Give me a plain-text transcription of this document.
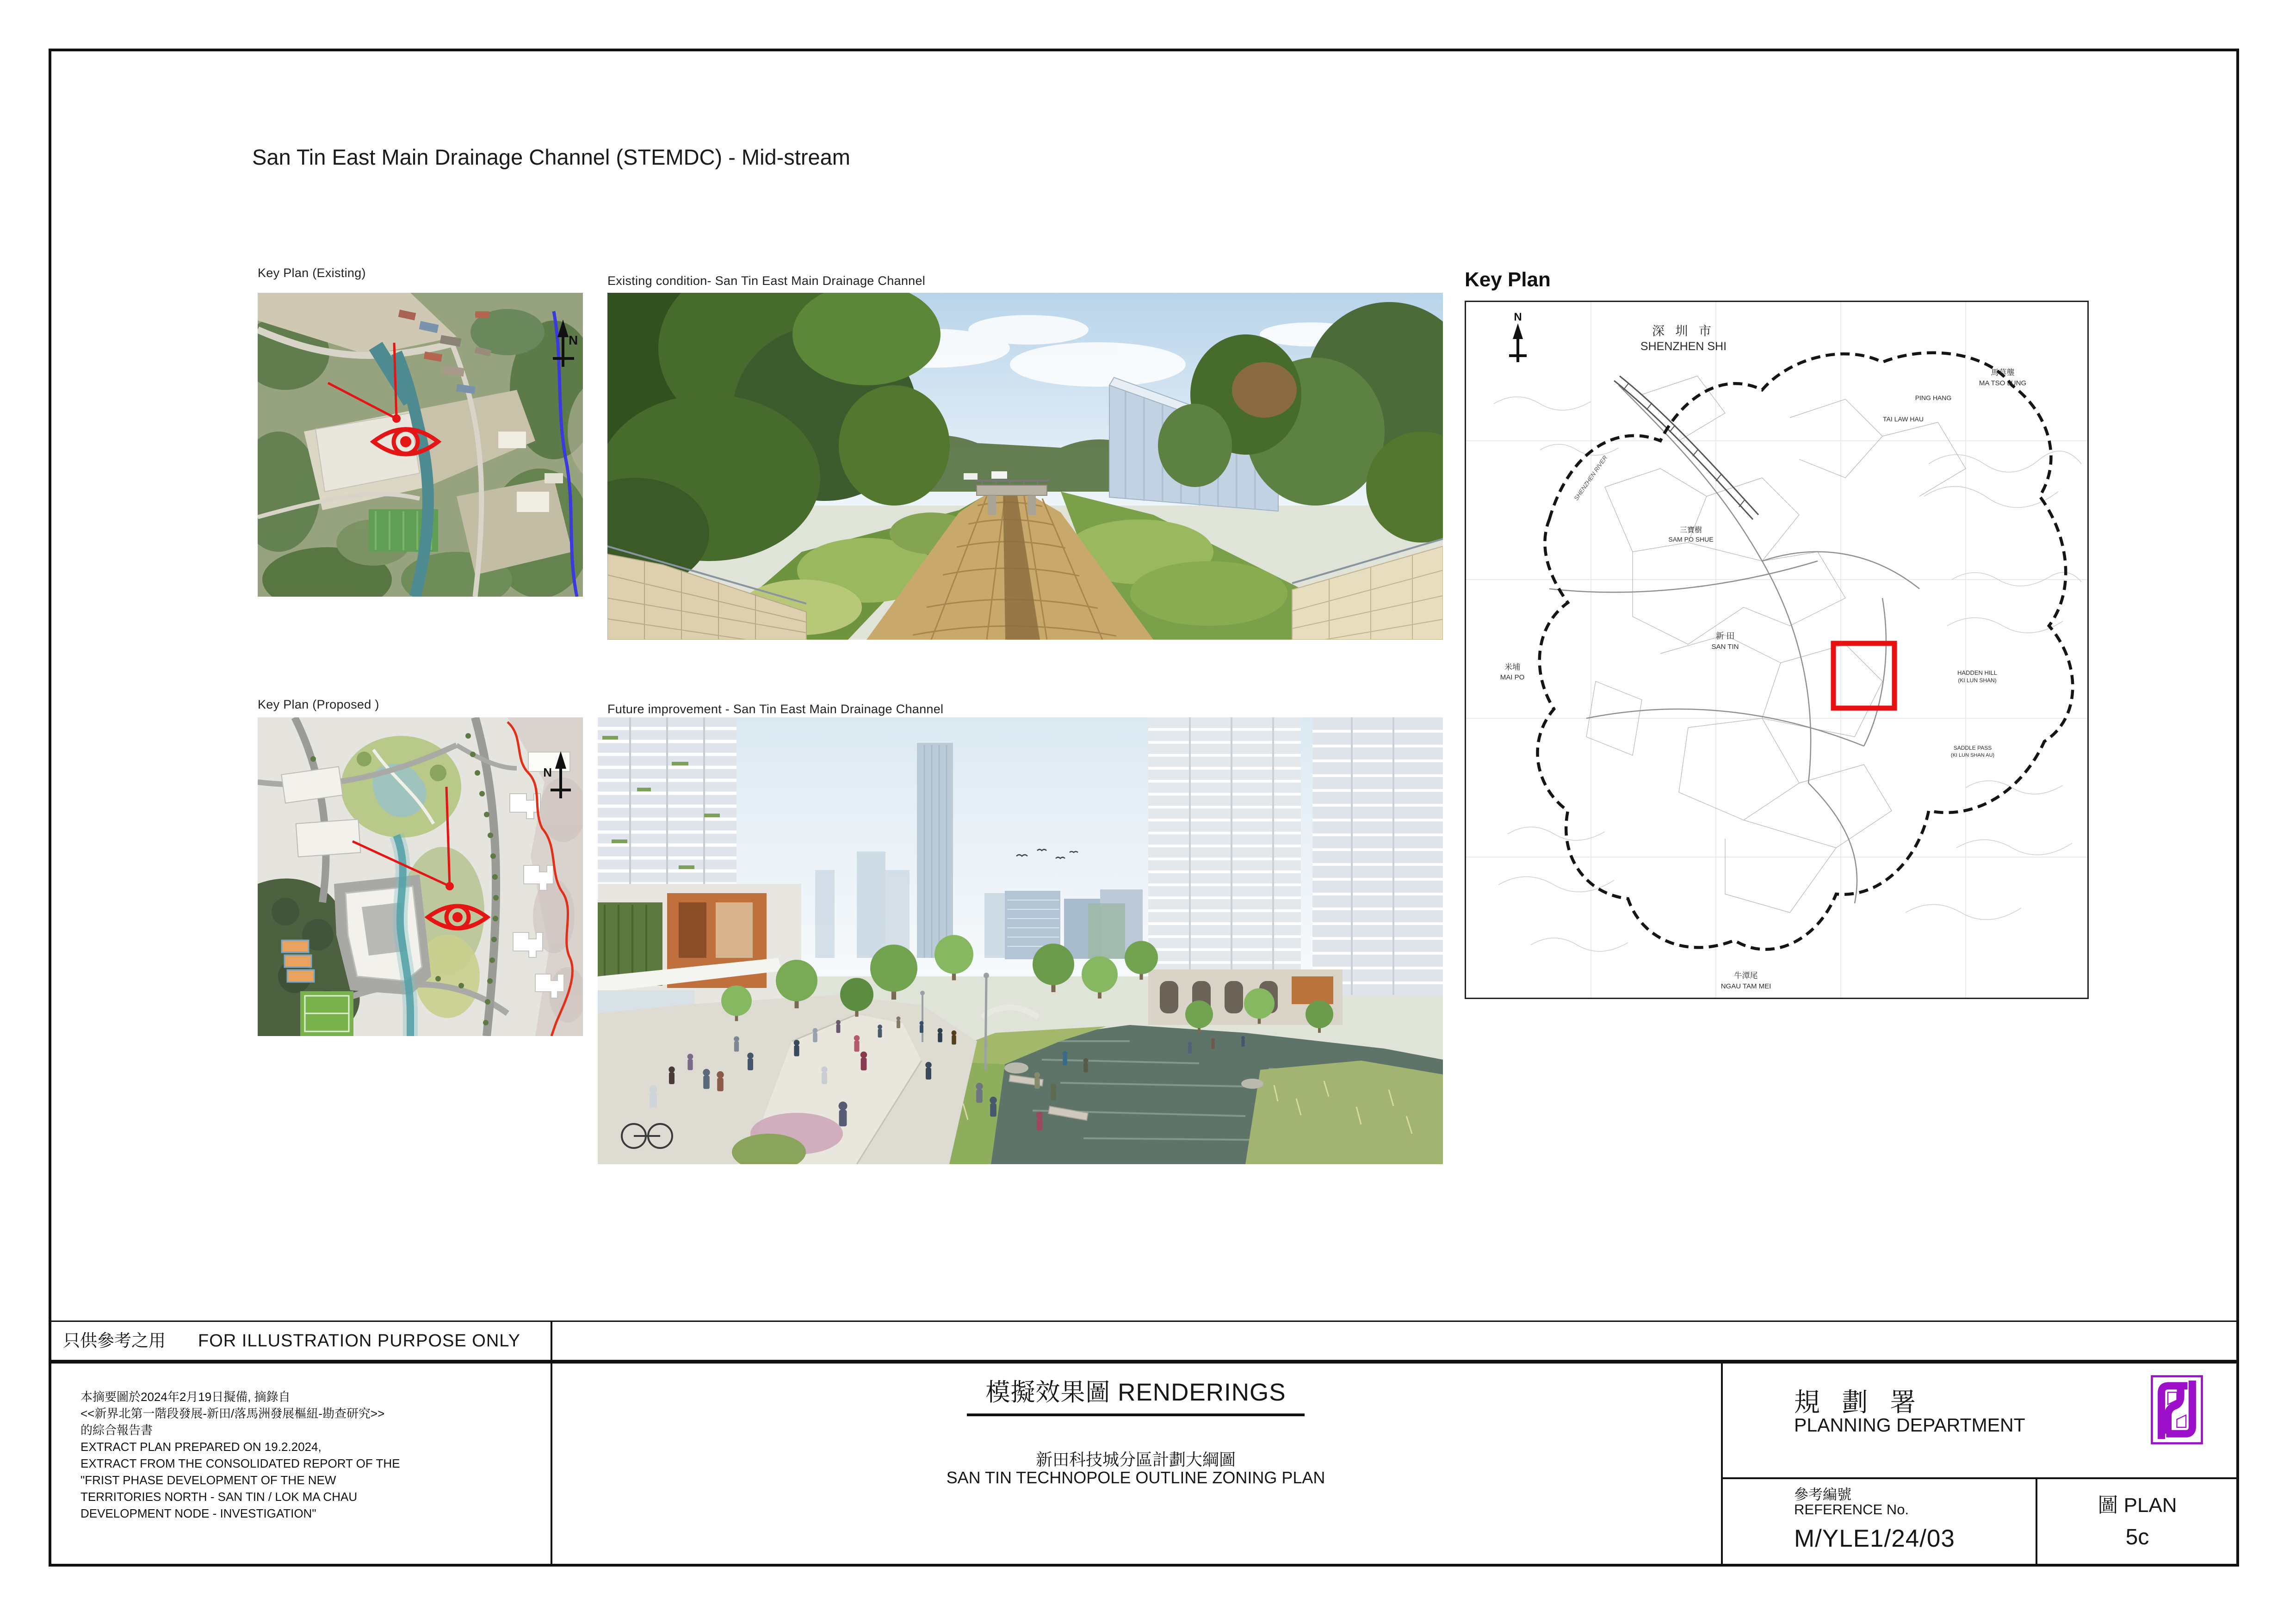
San Tin East Main Drainage Channel (STEMDC) - Mid-stream
Key Plan (Existing)
N
Existing condition- San Tin East Main Drainage Channel
Key Plan (Proposed )
N
Future improvement - San Tin East Main Drainage Channel
Key Plan
N
深 圳 市
SHENZHEN SHI
SHENZHEN RIVER
馬草壟
MA TSO LUNG
PING HANG
TAI LAW HAU
三寶樹
SAM PO SHUE
新 田
SAN TIN
米埔
MAI PO
牛潭尾
NGAU TAM MEI
HADDEN HILL
(KI LUN SHAN)
SADDLE PASS
(KI LUN SHAN AU)
只供參考之用 FOR ILLUSTRATION PURPOSE ONLY
本摘要圖於2024年2月19日擬備, 摘錄自
<<新界北第一階段發展-新田/落馬洲發展樞紐-勘查研究>>
的綜合報告書
EXTRACT PLAN PREPARED ON 19.2.2024,
EXTRACT FROM THE CONSOLIDATED REPORT OF THE
"FRIST PHASE DEVELOPMENT OF THE NEW
TERRITORIES NORTH - SAN TIN / LOK MA CHAU
DEVELOPMENT NODE - INVESTIGATION"
模擬效果圖 RENDERINGS
新田科技城分區計劃大綱圖
SAN TIN TECHNOPOLE OUTLINE ZONING PLAN
規 劃 署
PLANNING DEPARTMENT
參考編號
REFERENCE No.
M/YLE1/24/03
圖 PLAN
5c
